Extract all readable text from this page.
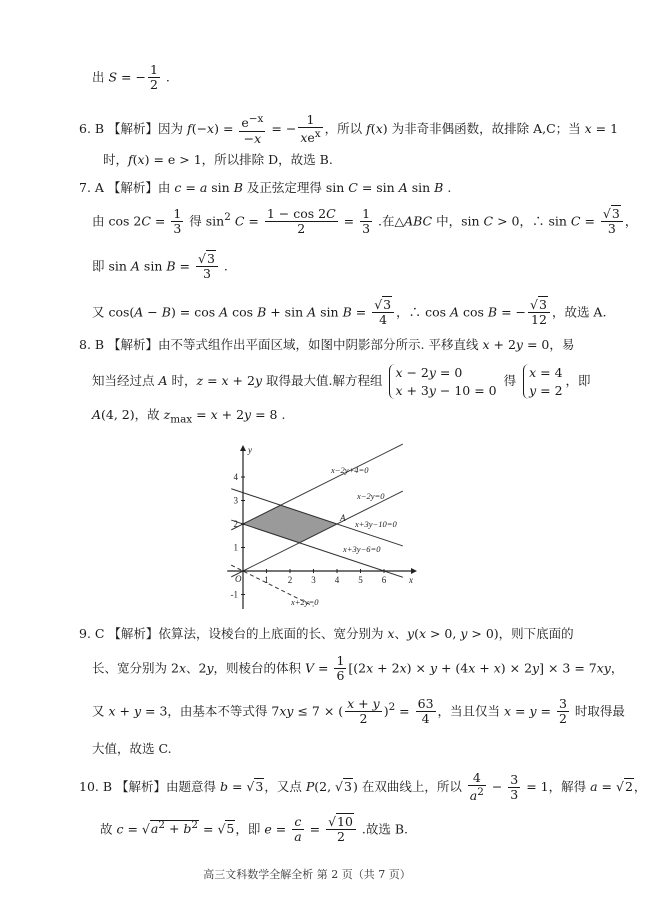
出 S = − $\frac{1}{2}$ .
6. B 【解析】因为 $f(-x) = \frac{e^{-x}}{-x}$ = − $\frac{1}{xe^x}$ ，所以 f(x) 为非奇非偶函数，故排除 A,C；当 x = 1
时，f(x) = e > 1，所以排除 D，故选 B.
7. A 【解析】由 c = a sin B 及正弦定理得 sin C = sin A sin B .
由 $\cos 2C = \frac{1}{3}$ 得 $\sin^2 C = \frac{1 - \cos 2C}{2} = \frac{1}{3}$ .在△ABC 中，sin C > 0，∴ $\sin C = \frac{√3}{3}$ ，
即 sin A $\sin B = \frac{√3}{3}$ .
又 cos(A − B) = cos A cos B + sin A $\sin B = \frac{√3}{4}$ ，∴ cos A cos B = − $\frac{√3}{12}$ ，故选 A.
8. B 【解析】由不等式组作出平面区域，如图中阴影部分所示. 平移直线 x + 2y = 0，易
知当经过点 A 时，z = x + 2y 取得最大值.解方程组
x − 2y = 0
x + 3y − 10 = 0
得
x = 4
y = 2
，即
A(4, 2)，故 $z_{max} = x + 2y = 8$ .
1 2 3 4 5 6
4
3
2
1
-1
x
y
O
A
x−2y+4=0
x−2y=0
x+3y−10=0
x+3y−6=0
x+2y=0
9. C 【解析】依算法，设棱台的上底面的长、宽分别为 x、y(x > 0, y > 0)，则下底面的
长、宽分别为 2x、2y，则棱台的体积 $V = \frac{1}{6} [(2x + 2x) \times y + (4x + x) \times 2y] \times 3 = 7xy$，
又 x + y = 3，由基本不等式得 7xy ≤ 7 × ( $\frac{x + y}{2} )^2 = \frac{63}{4}$ ，当且仅当 $x = y = \frac{3}{2}$ 时取得最
大值，故选 C.
10. B 【解析】由题意得 b = √3，又点 P(2, √3) 在双曲线上，所以 $\frac{4}{a^2} - \frac{3}{3} = 1$，解得 a = √2，
故 $c = √a^2 + b^2 = √5$，即 $e = \frac{c}{a} = \frac{√10}{2}$ .故选 B.
高三文科数学全解全析 第 2 页（共 7 页）
